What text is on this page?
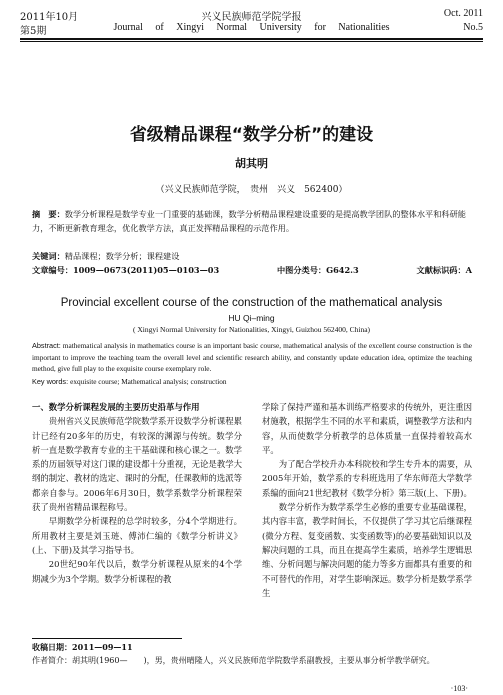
2011年10月
第5期
兴义民族师范学院学报
Journal of Xingyi Normal University for Nationalities
Oct. 2011
No.5
省级精品课程“数学分析”的建设
胡其明
（兴义民族师范学院，　贵州　兴义　562400）
摘　要：数学分析课程是数学专业一门重要的基础课，数学分析精品课程建设重要的是提高教学团队的整体水平和科研能力，不断更新教育理念，优化教学方法，真正发挥精品课程的示范作用。
关键词：精品课程；数学分析；课程建设
文章编号：1009—0673(2011)05—0103—03	中图分类号：G642.3	文献标识码：A
Provincial excellent course of the construction of the mathematical analysis
HU Qi–ming
( Xingyi Normal University for Nationalities, Xingyi, Guizhou 562400, China)
Abstract: mathematical analysis in mathematics course is an important basic course, mathematical analysis of the excellent course construction is the important to improve the teaching team the overall level and scientific research ability, and constantly update education idea, optimize the teaching method, give full play to the exquisite course exemplary role.
Key words: exquisite course; Mathematical analysis; construction
一、数学分析课程发展的主要历史沿革与作用

贵州省兴义民族师范学院数学系开设数学分析课程累计已经有20多年的历史，有较深的渊源与传统。数学分析一直是数学教育专业的主干基础课和核心课之一。数学系的历届领导对这门课的建设都十分重视，无论是教学大纲的制定、教材的选定、课时的分配，任课教师的选派等都亲自参与。2006年6月30日，数学系数学分析课程荣获了贵州省精品课程称号。

早期数学分析课程的总学时较多，分4个学期进行。所用教材主要是刘玉琏、傅沛仁编的《数学分析讲义》(上、下册)及其学习指导书。

20世纪90年代以后，数学分析课程从原来的4个学期减少为3个学期。数学分析课程的教

学除了保持严谨和基本训练严格要求的传统外，更注重因材施教，根据学生不同的水平和素质，调整教学方法和内容，从而使数学分析教学的总体质量一直保持着较高水平。

为了配合学校升办本科院校和学生专升本的需要，从2005年开始，数学系的专科班选用了华东师范大学数学系编的面向21世纪教材《数学分析》第三版(上、下册)。

数学分析作为数学系学生必修的重要专业基础课程，其内容丰富，教学时间长，不仅提供了学习其它后继课程(微分方程、复变函数、实变函数等)的必要基础知识以及解决问题的工具，而且在提高学生素质，培养学生逻辑思维、分析问题与解决问题的能力等多方面都具有重要的和不可替代的作用，对学生影响深远。数学分析是数学系学生

收稿日期：2011—09—11
作者简介：胡其明(1960—　　)，男，贵州晴隆人，兴义民族师范学院数学系副教授，主要从事分析学教学研究。
·103·
